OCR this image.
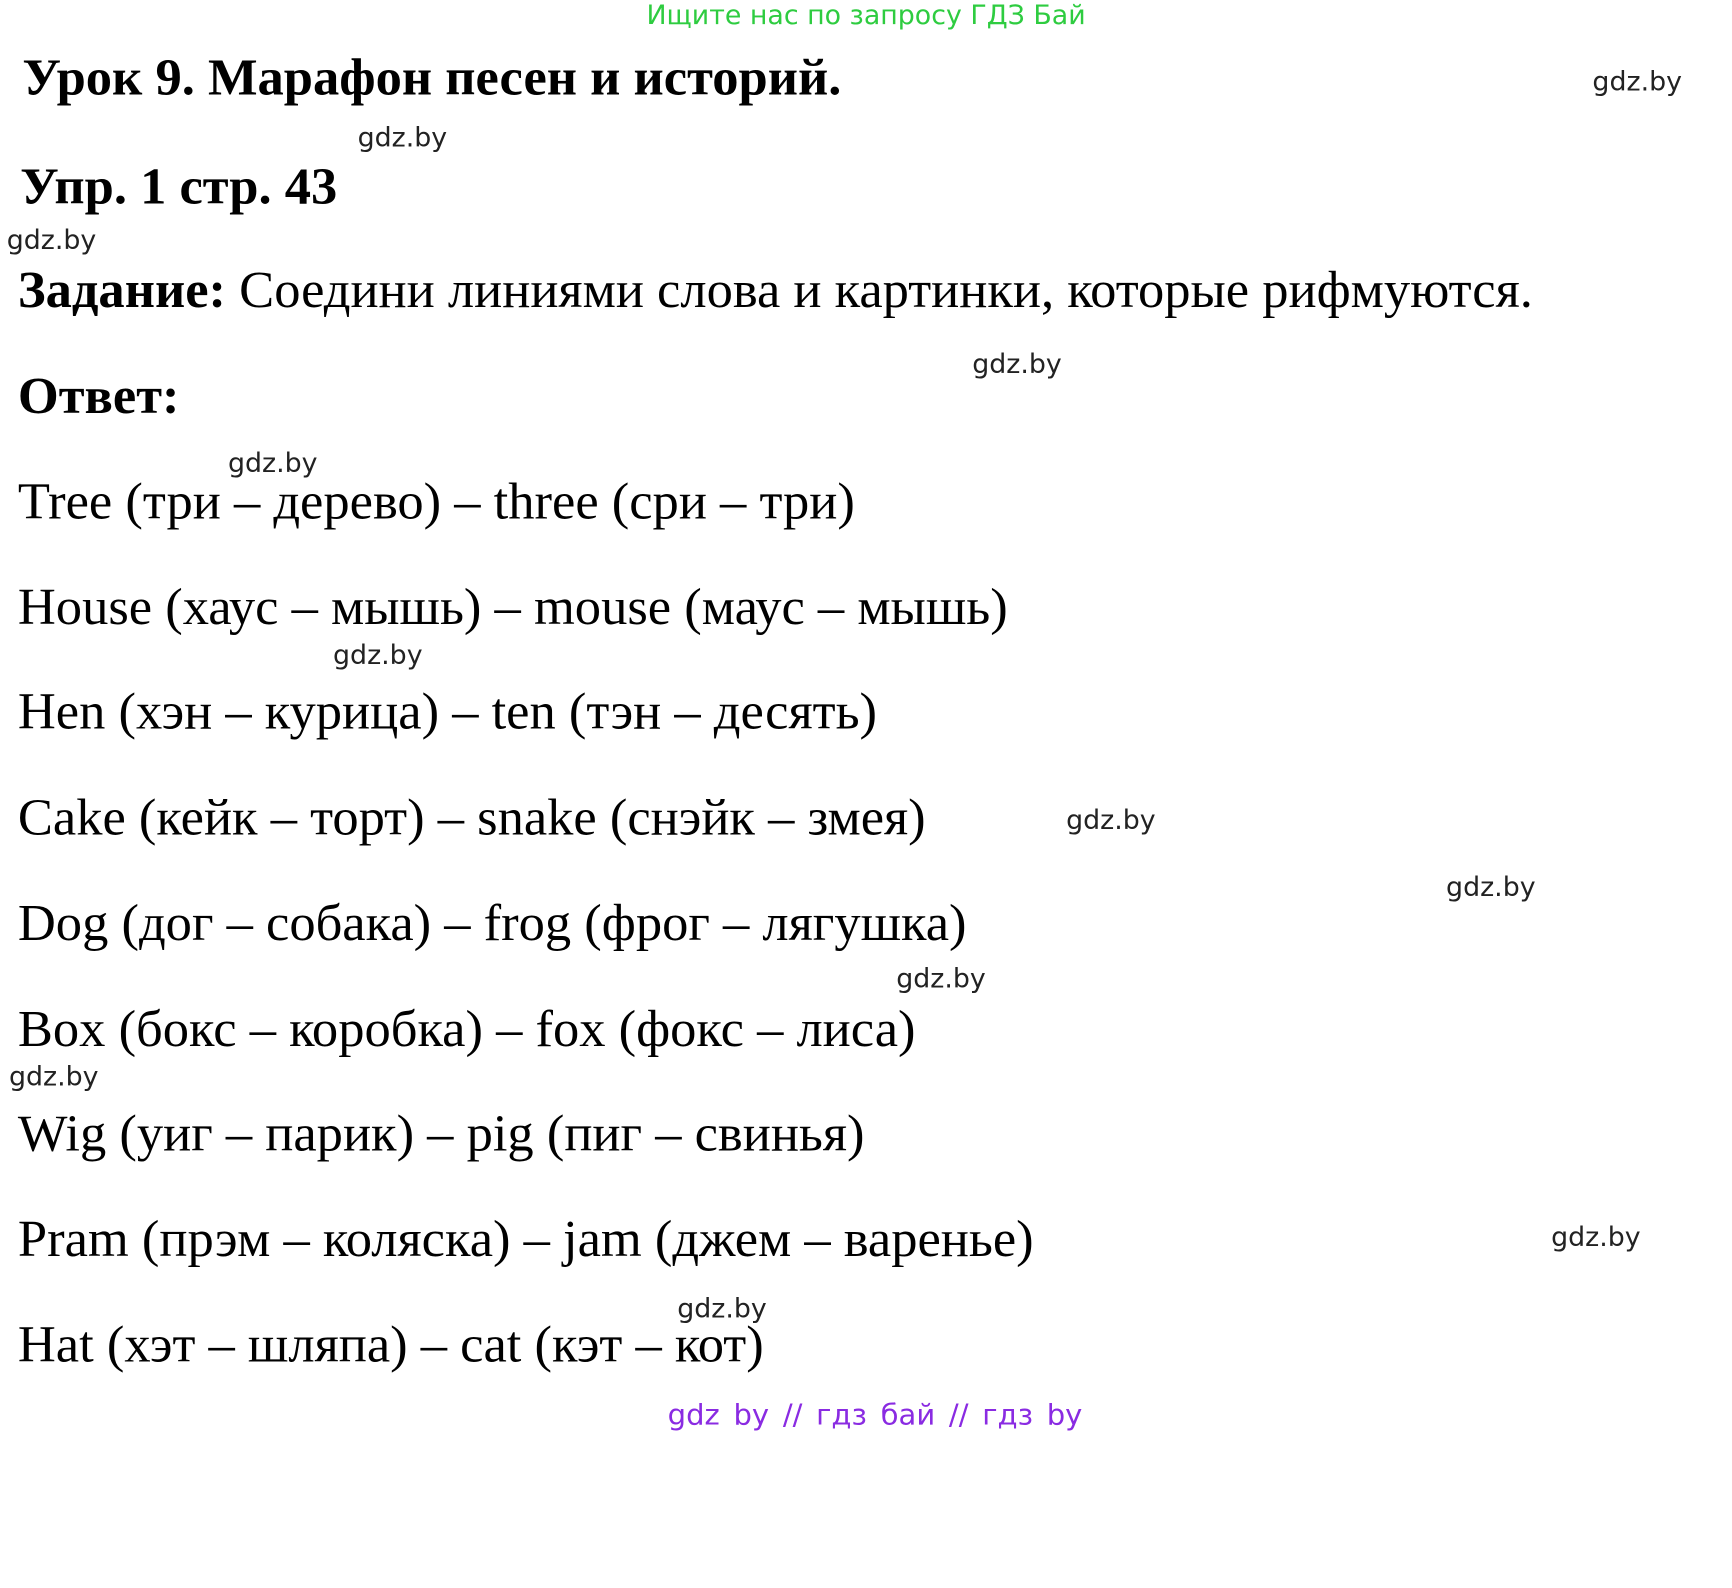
Ищите нас по запросу ГДЗ Бай
Урок 9. Марафон песен и историй.
Упр. 1 стр. 43
Задание: Соедини линиями слова и картинки, которые рифмуются.
Ответ:
Tree (три – дерево) – three (сри – три)
House (хаус – мышь) – mouse (маус – мышь)
Hen (хэн – курица) – ten (тэн – десять)
Cake (кейк – торт) – snake (снэйк – змея)
Dog (дог – собака) – frog (фрог – лягушка)
Box (бокс – коробка) – fox (фокс – лиса)
Wig (уиг – парик) – pig (пиг – свинья)
Pram (прэм – коляска) – jam (джем – варенье)
Hat (хэт – шляпа) – cat (кэт – кот)
gdz.by
gdz.by
gdz.by
gdz.by
gdz.by
gdz.by
gdz.by
gdz.by
gdz.by
gdz.by
gdz.by
gdz.by
gdz by // гдз бай // гдз by
